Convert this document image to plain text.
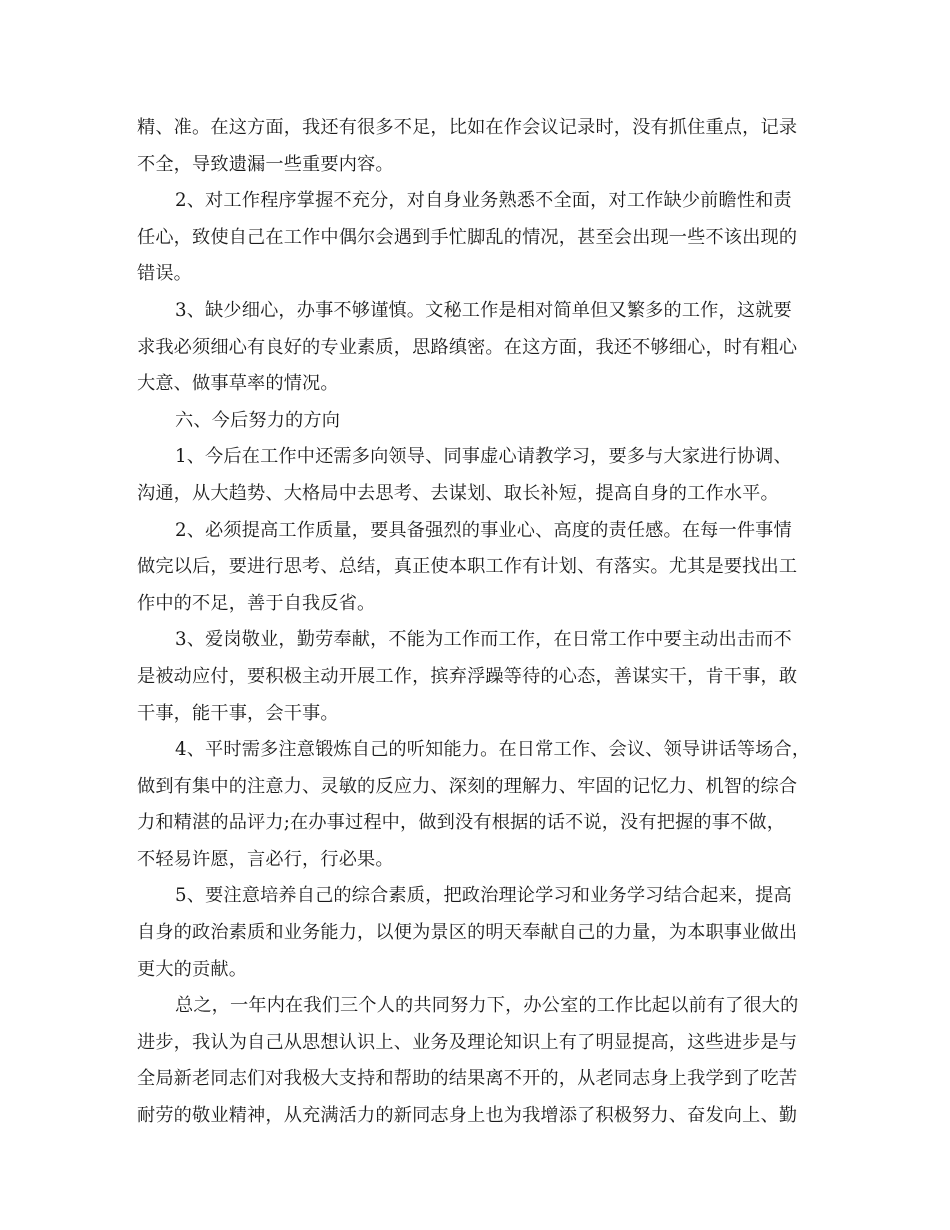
精、准。在这方面，我还有很多不足，比如在作会议记录时，没有抓住重点，记录
不全，导致遗漏一些重要内容。
2、对工作程序掌握不充分，对自身业务熟悉不全面，对工作缺少前瞻性和责
任心，致使自己在工作中偶尔会遇到手忙脚乱的情况，甚至会出现一些不该出现的
错误。
3、缺少细心，办事不够谨慎。文秘工作是相对简单但又繁多的工作，这就要
求我必须细心有良好的专业素质，思路缜密。在这方面，我还不够细心，时有粗心
大意、做事草率的情况。
六、今后努力的方向
1、今后在工作中还需多向领导、同事虚心请教学习，要多与大家进行协调、
沟通，从大趋势、大格局中去思考、去谋划、取长补短，提高自身的工作水平。
2、必须提高工作质量，要具备强烈的事业心、高度的责任感。在每一件事情
做完以后，要进行思考、总结，真正使本职工作有计划、有落实。尤其是要找出工
作中的不足，善于自我反省。
3、爱岗敬业，勤劳奉献，不能为工作而工作，在日常工作中要主动出击而不
是被动应付，要积极主动开展工作，摈弃浮躁等待的心态，善谋实干，肯干事，敢
干事，能干事，会干事。
4、平时需多注意锻炼自己的听知能力。在日常工作、会议、领导讲话等场合，
做到有集中的注意力、灵敏的反应力、深刻的理解力、牢固的记忆力、机智的综合
力和精湛的品评力;在办事过程中，做到没有根据的话不说，没有把握的事不做，
不轻易许愿，言必行，行必果。
5、要注意培养自己的综合素质，把政治理论学习和业务学习结合起来，提高
自身的政治素质和业务能力，以便为景区的明天奉献自己的力量，为本职事业做出
更大的贡献。
总之，一年内在我们三个人的共同努力下，办公室的工作比起以前有了很大的
进步，我认为自己从思想认识上、业务及理论知识上有了明显提高，这些进步是与
全局新老同志们对我极大支持和帮助的结果离不开的，从老同志身上我学到了吃苦
耐劳的敬业精神，从充满活力的新同志身上也为我增添了积极努力、奋发向上、勤
